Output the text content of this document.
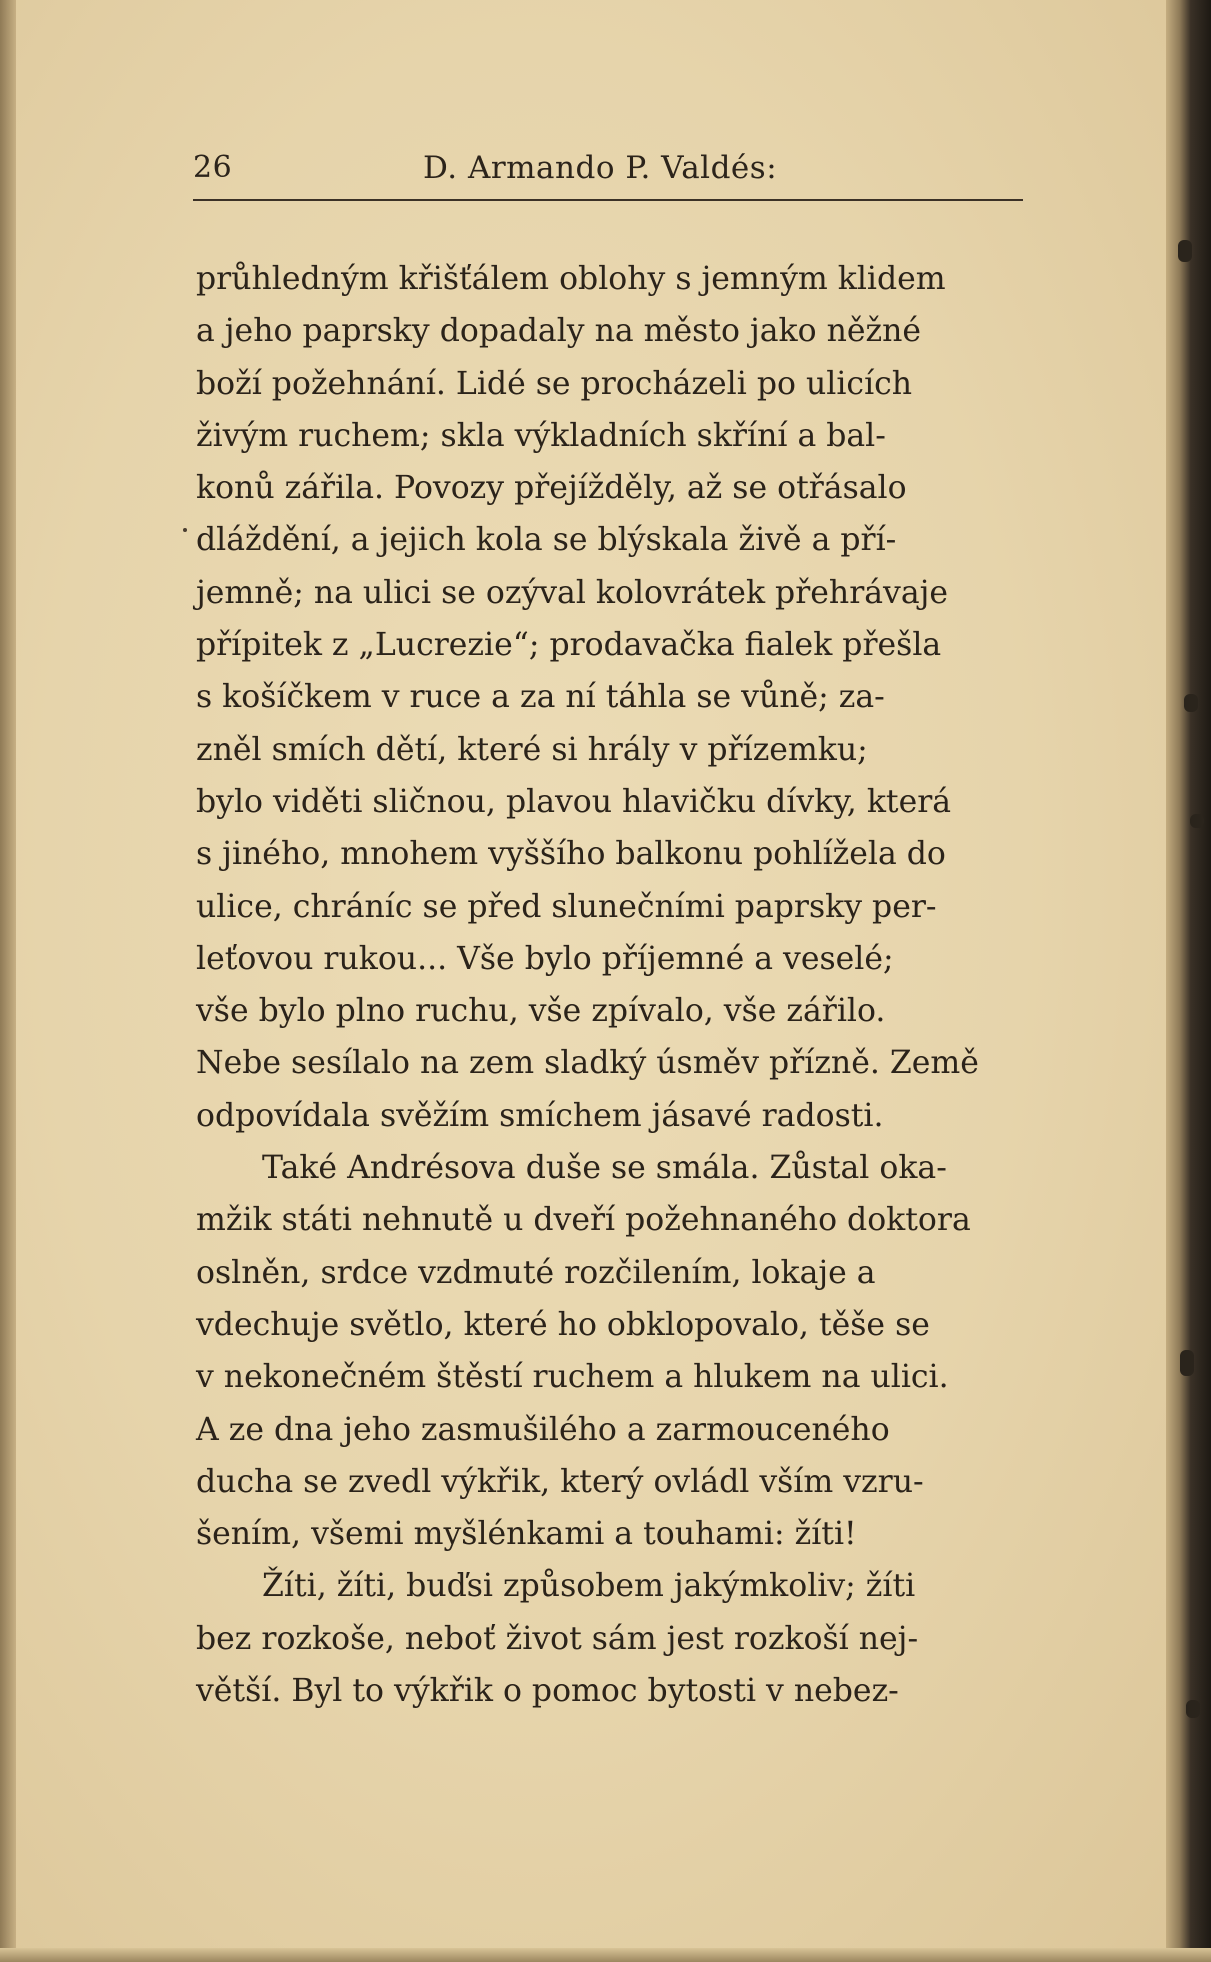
26	D. Armando P. Valdés:
průhledným křišťálem oblohy s jemným klidem
a jeho paprsky dopadaly na město jako něžné
boží požehnání. Lidé se procházeli po ulicích
živým ruchem; skla výkladních skříní a bal-
konů zářila. Povozy přejížděly, až se otřásalo
dláždění, a jejich kola se blýskala živě a pří-
jemně; na ulici se ozýval kolovrátek přehrávaje
přípitek z „Lucrezie“; prodavačka fialek přešla
s košíčkem v ruce a za ní táhla se vůně; za-
zněl smích dětí, které si hrály v přízemku;
bylo viděti sličnou, plavou hlavičku dívky, která
s jiného, mnohem vyššího balkonu pohlížela do
ulice, chráníc se před slunečními paprsky per-
leťovou rukou... Vše bylo příjemné a veselé;
vše bylo plno ruchu, vše zpívalo, vše zářilo.
Nebe sesílalo na zem sladký úsměv přízně. Země
odpovídala svěžím smíchem jásavé radosti.
Také Andrésova duše se smála. Zůstal oka-
mžik státi nehnutě u dveří požehnaného doktora
oslněn, srdce vzdmuté rozčilením, lokaje a
vdechuje světlo, které ho obklopovalo, těše se
v nekonečném štěstí ruchem a hlukem na ulici.
A ze dna jeho zasmušilého a zarmouceného
ducha se zvedl výkřik, který ovládl vším vzru-
šením, všemi myšlénkami a touhami: žíti!
Žíti, žíti, buďsi způsobem jakýmkoliv; žíti
bez rozkoše, neboť život sám jest rozkoší nej-
větší. Byl to výkřik o pomoc bytosti v nebez-
